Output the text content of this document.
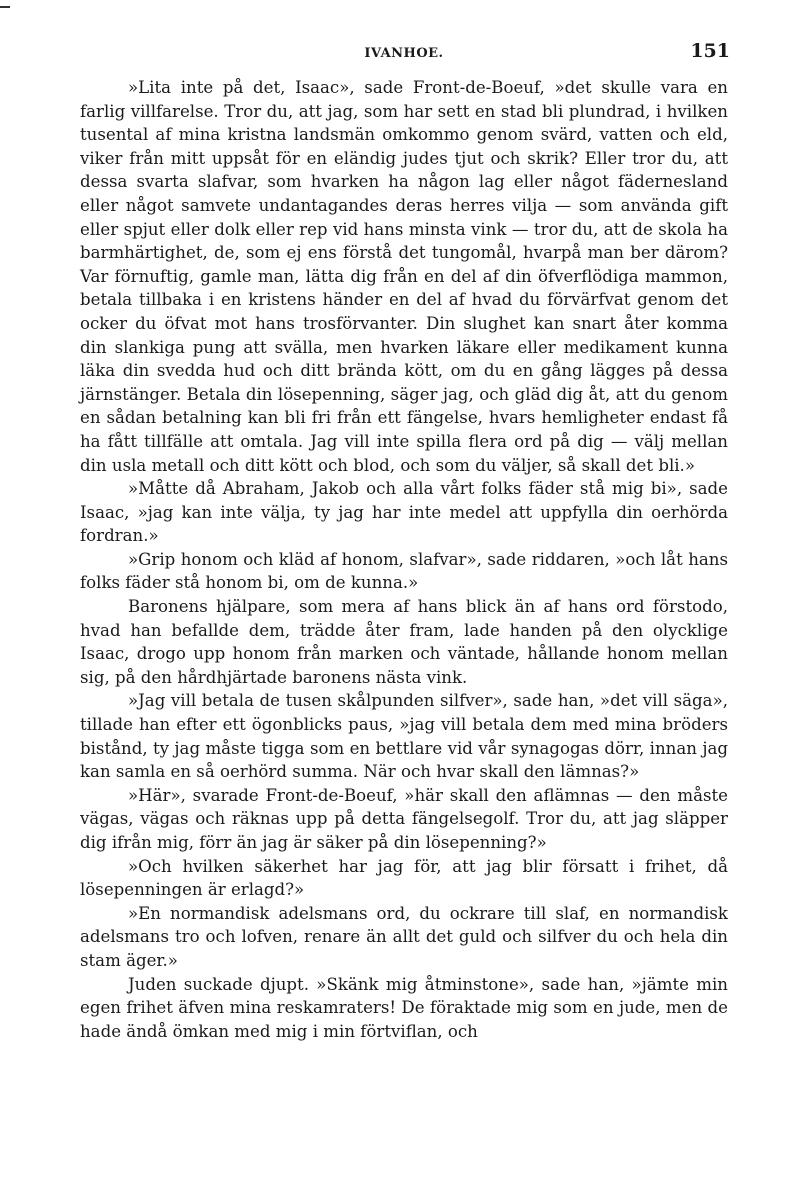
IVANHOE.	151

»Lita inte på det, Isaac», sade Front-de-Boeuf, »det skulle vara en farlig villfarelse. Tror du, att jag, som har sett en stad bli plundrad, i hvilken tusental af mina kristna landsmän omkommo genom svärd, vatten och eld, viker från mitt uppsåt för en eländig judes tjut och skrik? Eller tror du, att dessa svarta slafvar, som hvarken ha någon lag eller något fädernesland eller något samvete undantagandes deras herres vilja — som använda gift eller spjut eller dolk eller rep vid hans minsta vink — tror du, att de skola ha barmhärtighet, de, som ej ens förstå det tungomål, hvarpå man ber därom? Var förnuftig, gamle man, lätta dig från en del af din öfverflödiga mammon, betala tillbaka i en kristens händer en del af hvad du förvärfvat genom det ocker du öfvat mot hans trosförvanter. Din slughet kan snart åter komma din slankiga pung att svälla, men hvarken läkare eller medikament kunna läka din svedda hud och ditt brända kött, om du en gång lägges på dessa järnstänger. Betala din lösepenning, säger jag, och gläd dig åt, att du genom en sådan betalning kan bli fri från ett fängelse, hvars hemligheter endast få ha fått tillfälle att omtala. Jag vill inte spilla flera ord på dig — välj mellan din usla metall och ditt kött och blod, och som du väljer, så skall det bli.»

»Måtte då Abraham, Jakob och alla vårt folks fäder stå mig bi», sade Isaac, »jag kan inte välja, ty jag har inte medel att uppfylla din oerhörda fordran.»

»Grip honom och kläd af honom, slafvar», sade riddaren, »och låt hans folks fäder stå honom bi, om de kunna.»

Baronens hjälpare, som mera af hans blick än af hans ord förstodo, hvad han befallde dem, trädde åter fram, lade handen på den olycklige Isaac, drogo upp honom från marken och väntade, hållande honom mellan sig, på den hårdhjärtade baronens nästa vink.

»Jag vill betala de tusen skålpunden silfver», sade han, »det vill säga», tillade han efter ett ögonblicks paus, »jag vill betala dem med mina bröders bistånd, ty jag måste tigga som en bettlare vid vår synagogas dörr, innan jag kan samla en så oerhörd summa. När och hvar skall den lämnas?»

»Här», svarade Front-de-Boeuf, »här skall den aflämnas — den måste vägas, vägas och räknas upp på detta fängelsegolf. Tror du, att jag släpper dig ifrån mig, förr än jag är säker på din lösepenning?»

»Och hvilken säkerhet har jag för, att jag blir försatt i frihet, då lösepenningen är erlagd?»

»En normandisk adelsmans ord, du ockrare till slaf, en normandisk adelsmans tro och lofven, renare än allt det guld och silfver du och hela din stam äger.»

Juden suckade djupt. »Skänk mig åtminstone», sade han, »jämte min egen frihet äfven mina reskamraters! De föraktade mig som en jude, men de hade ändå ömkan med mig i min förtviflan, och
